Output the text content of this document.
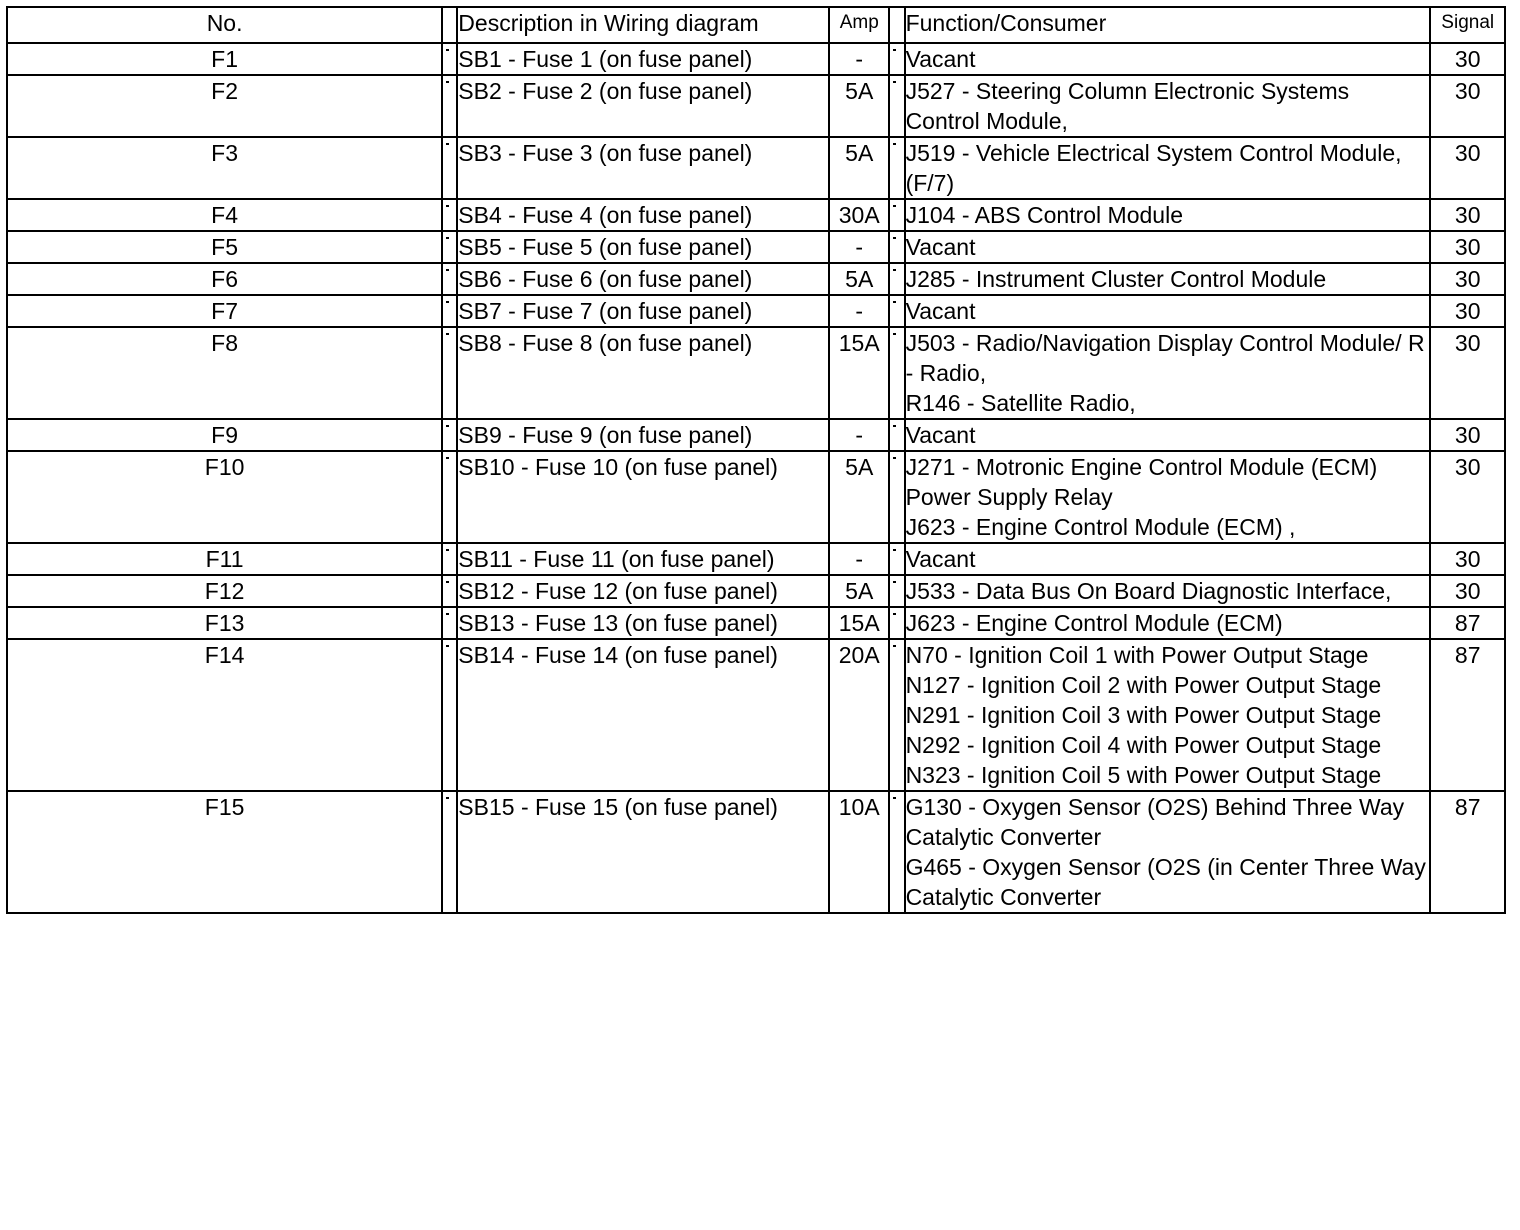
No.		Description in Wiring diagram	Amp		Function/Consumer	Signal
F1		SB1 - Fuse 1 (on fuse panel)	-		Vacant	30
F2		SB2 - Fuse 2 (on fuse panel)	5A		J527 - Steering Column Electronic Systems Control Module,	30
F3		SB3 - Fuse 3 (on fuse panel)	5A		J519 - Vehicle Electrical System Control Module, (F/7)	30
F4		SB4 - Fuse 4 (on fuse panel)	30A		J104 - ABS Control Module	30
F5		SB5 - Fuse 5 (on fuse panel)	-		Vacant	30
F6		SB6 - Fuse 6 (on fuse panel)	5A		J285 - Instrument Cluster Control Module	30
F7		SB7 - Fuse 7 (on fuse panel)	-		Vacant	30
F8		SB8 - Fuse 8 (on fuse panel)	15A		J503 - Radio/Navigation Display Control Module/ R - Radio,
R146 - Satellite Radio,	30
F9		SB9 - Fuse 9 (on fuse panel)	-		Vacant	30
F10		SB10 - Fuse 10 (on fuse panel)	5A		J271 - Motronic Engine Control Module (ECM) Power Supply Relay
J623 - Engine Control Module (ECM) ,	30
F11		SB11 - Fuse 11 (on fuse panel)	-		Vacant	30
F12		SB12 - Fuse 12 (on fuse panel)	5A		J533 - Data Bus On Board Diagnostic Interface,	30
F13		SB13 - Fuse 13 (on fuse panel)	15A		J623 - Engine Control Module (ECM)	87
F14		SB14 - Fuse 14 (on fuse panel)	20A		N70 - Ignition Coil 1 with Power Output Stage
N127 - Ignition Coil 2 with Power Output Stage
N291 - Ignition Coil 3 with Power Output Stage
N292 - Ignition Coil 4 with Power Output Stage
N323 - Ignition Coil 5 with Power Output Stage	87
F15		SB15 - Fuse 15 (on fuse panel)	10A		G130 - Oxygen Sensor (O2S) Behind Three Way Catalytic Converter
G465 - Oxygen Sensor (O2S (in Center Three Way Catalytic Converter	87
